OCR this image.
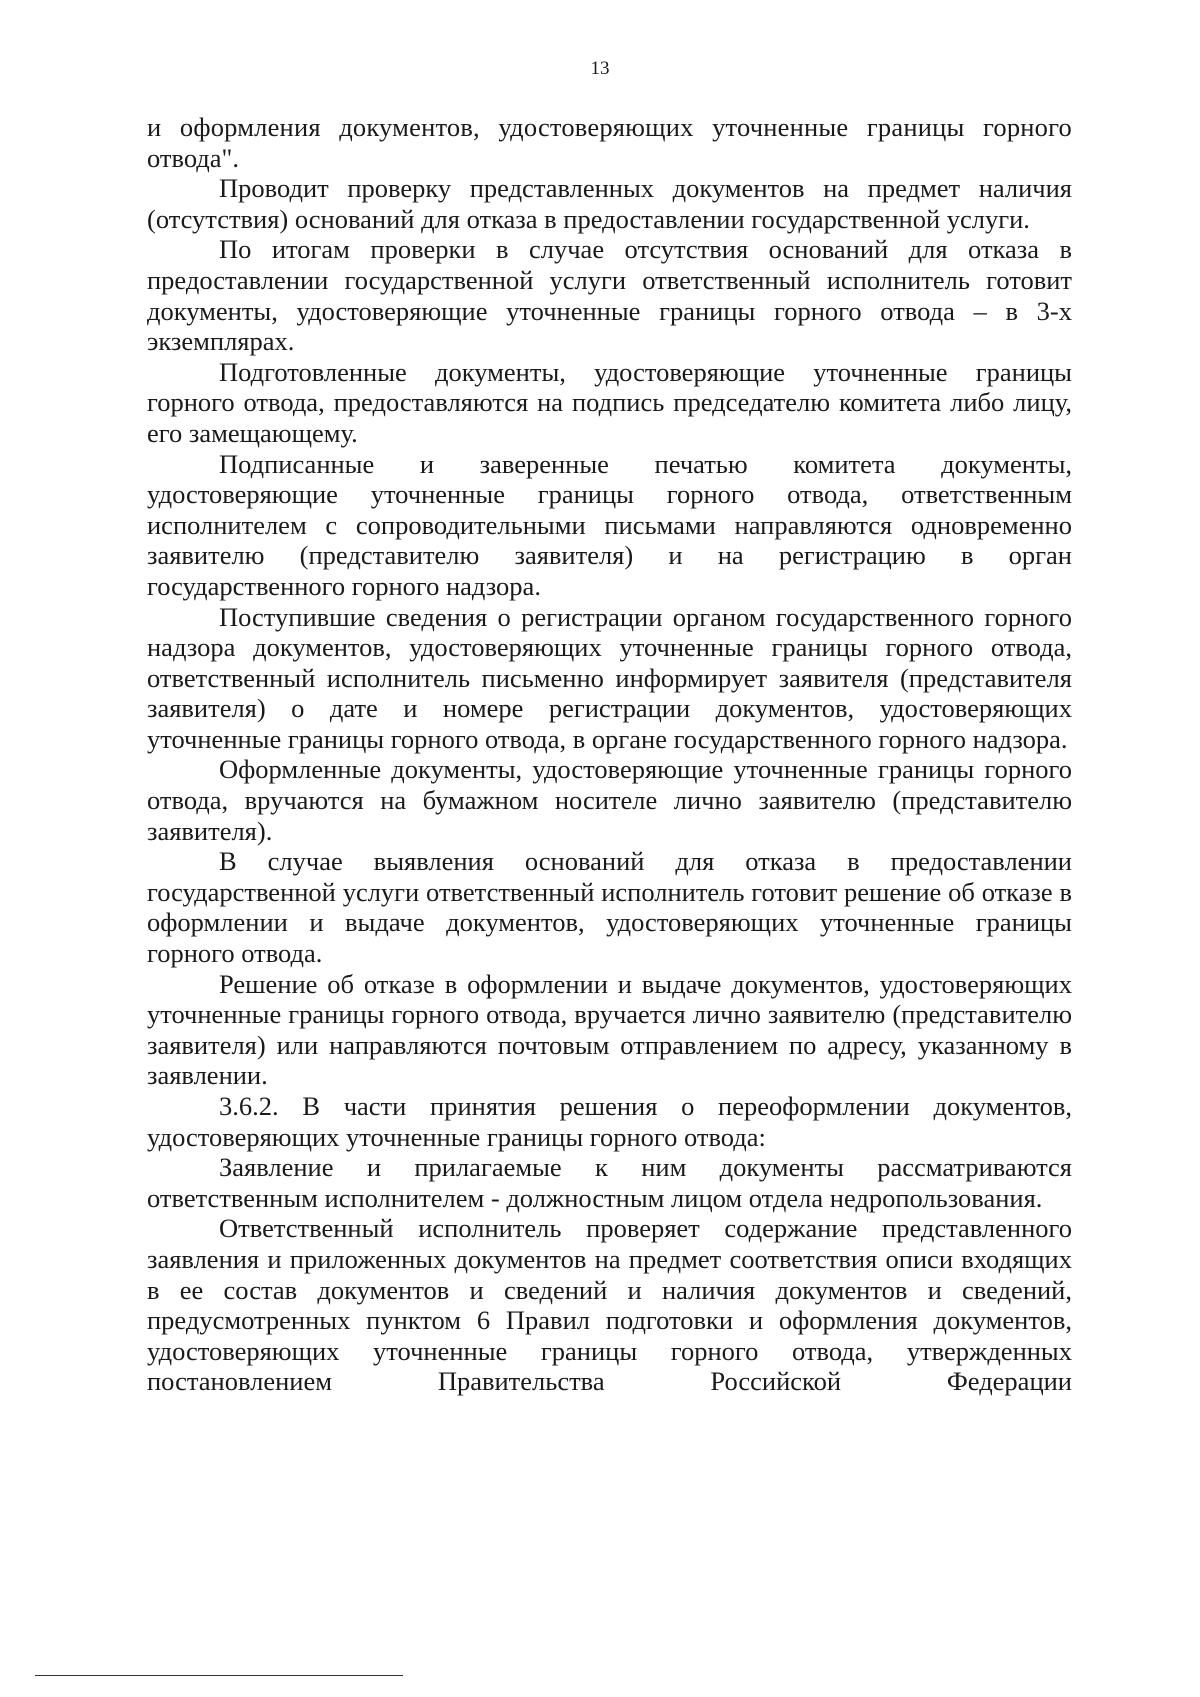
13

и оформления документов, удостоверяющих уточненные границы горного отвода".

Проводит проверку представленных документов на предмет наличия (отсутствия) оснований для отказа в предоставлении государственной услуги.

По итогам проверки в случае отсутствия оснований для отказа в предоставлении государственной услуги ответственный исполнитель готовит документы, удостоверяющие уточненные границы горного отвода – в 3-х экземплярах.

Подготовленные документы, удостоверяющие уточненные границы горного отвода, предоставляются на подпись председателю комитета либо лицу, его замещающему.

Подписанные и заверенные печатью комитета документы, удостоверяющие уточненные границы горного отвода, ответственным исполнителем с сопроводительными письмами направляются одновременно заявителю (представителю заявителя) и на регистрацию в орган государственного горного надзора.

Поступившие сведения о регистрации органом государственного горного надзора документов, удостоверяющих уточненные границы горного отвода, ответственный исполнитель письменно информирует заявителя (представителя заявителя) о дате и номере регистрации документов, удостоверяющих уточненные границы горного отвода, в органе государственного горного надзора.

Оформленные документы, удостоверяющие уточненные границы горного отвода, вручаются на бумажном носителе лично заявителю (представителю заявителя).

В случае выявления оснований для отказа в предоставлении государственной услуги ответственный исполнитель готовит решение об отказе в оформлении и выдаче документов, удостоверяющих уточненные границы горного отвода.

Решение об отказе в оформлении и выдаче документов, удостоверяющих уточненные границы горного отвода, вручается лично заявителю (представителю заявителя) или направляются почтовым отправлением по адресу, указанному в заявлении.

3.6.2. В части принятия решения о переоформлении документов, удостоверяющих уточненные границы горного отвода:

Заявление и прилагаемые к ним документы рассматриваются ответственным исполнителем - должностным лицом отдела недропользования.

Ответственный исполнитель проверяет содержание представленного заявления и приложенных документов на предмет соответствия описи входящих в ее состав документов и сведений и наличия документов и сведений, предусмотренных пунктом 6 Правил подготовки и оформления документов, удостоверяющих уточненные границы горного отвода, утвержденных постановлением Правительства Российской Федерации
